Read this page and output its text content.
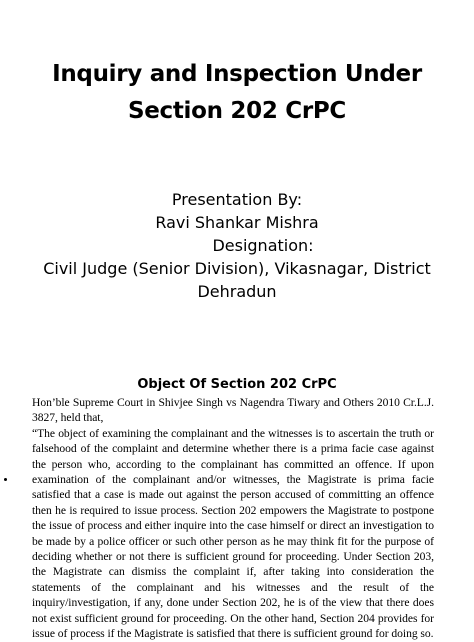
Inquiry and Inspection Under
Section 202 CrPC
Presentation By:
Ravi Shankar Mishra
Designation:
Civil Judge (Senior Division), Vikasnagar, District
Dehradun
Object Of Section 202 CrPC

Hon’ble Supreme Court in Shivjee Singh vs Nagendra Tiwary and Others 2010 Cr.L.J. 3827, held that,

“The object of examining the complainant and the witnesses is to ascertain the truth or falsehood of the complaint and determine whether there is a prima facie case against the person who, according to the complainant has committed an offence. If upon examination of the complainant and/or witnesses, the Magistrate is prima facie satisfied that a case is made out against the person accused of committing an offence then he is required to issue process. Section 202 empowers the Magistrate to postpone the issue of process and either inquire into the case himself or direct an investigation to be made by a police officer or such other person as he may think fit for the purpose of deciding whether or not there is sufficient ground for proceeding. Under Section 203, the Magistrate can dismiss the complaint if, after taking into consideration the statements of the complainant and his witnesses and the result of the inquiry/investigation, if any, done under Section 202, he is of the view that there does not exist sufficient ground for proceeding. On the other hand, Section 204 provides for issue of process if the Magistrate is satisfied that there is sufficient ground for doing so.
